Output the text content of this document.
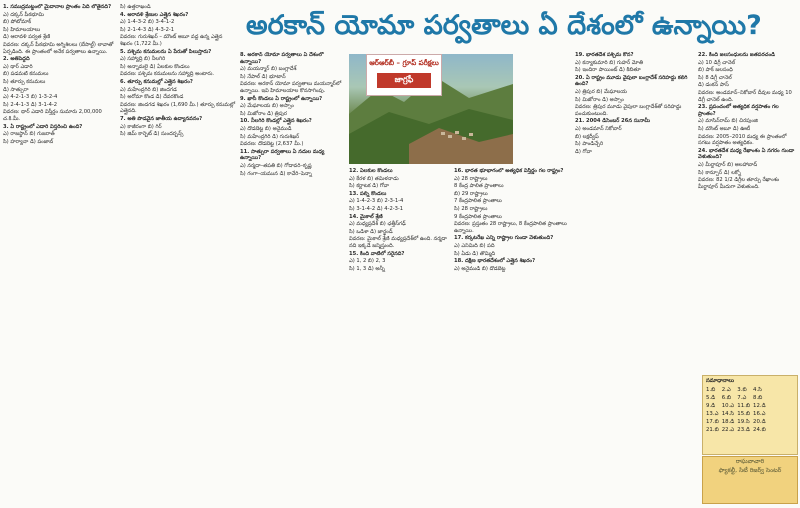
అరకాన్ యోమా పర్వతాలు ఏ దేశంలో ఉన్నాయి?

1. సముద్రమట్టంలో మైదానాల ప్రాంతం ఏది లోతైనది?

ఎ) దక్కన్ పీఠభూమి

బి) పోటోమాక్

సి) హిమాలయాలు

డి) ఆరావళి పర్వత శ్రేణి

వివరణ: దక్కన్ పీఠభూమి అగ్నిశిలలు (బేసాల్ట్) లావాతో ఏర్పడింది. ఈ ప్రాంతంలో అనేక పర్వతాలు ఉన్నాయి.

2. అతిపెద్దది

ఎ) థార్ ఎడారి

బి) పడమటి కనుమలు

సి) తూర్పు కనుమలు

డి) సాత్పురా

ఎ) 4-2-1-3 బి) 1-3-2-4

సి) 2-4-1-3 డి) 3-1-4-2

వివరణ: థార్ ఎడారి విస్తీర్ణం సుమారు 2,00,000 చ.కి.మీ.

3. ఏ రాష్ట్రంలో ఎడారి విస్తరించి ఉంది?

ఎ) రాజస్థాన్ బి) గుజరాత్

సి) హర్యానా డి) పంజాబ్

సి) ఉత్తరాఖండ్

4. అరావళి శ్రేణుల ఎత్తైన శిఖరం?

ఎ) 1-4-3-2 బి) 3-4-1-2

సి) 2-1-4-3 డి) 4-3-2-1

వివరణ: గురుశిఖర్ – మౌంట్ అబూ వద్ద ఉన్న ఎత్తైన శిఖరం (1,722 మీ.)

5. పశ్చిమ కనుమలను ఏ పేరుతో పిలుస్తారు?

ఎ) సహ్యాద్రి బి) నీలగిరి

సి) అన్నామలై డి) ఏలకుల కొండలు

వివరణ: పశ్చిమ కనుమలను సహ్యాద్రి అంటారు.

6. తూర్పు కనుమల్లో ఎత్తైన శిఖరం?

ఎ) మహేంద్రగిరి బి) జిందగడ

సి) అరోమా కొండ డి) దేవరకొండ

వివరణ: జిందగడ శిఖరం (1,690 మీ.) తూర్పు కనుమల్లో ఎత్తైనది.

7. అతి పొడవైన జాతీయ ఉద్యానవనం?

ఎ) కాజీరంగా బి) గిర్

సి) జిమ్ కార్బెట్ డి) సుందర్బన్స్

8. అరకాన్ యోమా పర్వతాలు ఏ దేశంలో ఉన్నాయి?

ఎ) మయన్మార్ బి) బంగ్లాదేశ్

సి) నేపాల్ డి) భూటాన్

వివరణ: అరకాన్ యోమా పర్వతాలు మయన్మార్‌లో ఉన్నాయి. ఇవి హిమాలయాల కొనసాగింపు.

9. ఖాసీ కొండలు ఏ రాష్ట్రంలో ఉన్నాయి?

ఎ) మేఘాలయ బి) అస్సాం

సి) మిజోరాం డి) త్రిపుర

10. నీలగిరి కొండల్లో ఎత్తైన శిఖరం?

ఎ) దొడబెట్ట బి) అనైముడి

సి) మహేంద్రగిరి డి) గురుశిఖర్

వివరణ: దొడబెట్ట (2,637 మీ.)

11. సాత్పురా పర్వతాలు ఏ నదుల మధ్య ఉన్నాయి?

ఎ) నర్మదా–తపతి బి) గోదావరి–కృష్ణ

సి) గంగా–యమున డి) కావేరి–పెన్నా	12. ఏలకుల కొండలు

ఎ) కేరళ బి) తమిళనాడు

సి) కర్ణాటక డి) గోవా

13. పల్ని కొండలు

ఎ) 1-4-2-3 బి) 2-3-1-4

సి) 3-1-4-2 డి) 4-2-3-1

14. మైకాల్ శ్రేణి

ఎ) మధ్యప్రదేశ్ బి) ఛత్తీస్‌గఢ్

సి) ఒడిశా డి) జార్ఖండ్

వివరణ: మైకాల్ శ్రేణి మధ్యప్రదేశ్‌లో ఉంది. నర్మదా నది ఇక్కడే జన్మిస్తుంది.

15. కింది వాటిలో సరైనది?

ఎ) 1, 2 బి) 2, 3

సి) 1, 3 డి) అన్నీ

16. భారత భూభాగంలో అత్యధిక విస్తీర్ణం గల రాష్ట్రం?

ఎ) 28 రాష్ట్రాలు

8 కేంద్ర పాలిత ప్రాంతాలు

బి) 29 రాష్ట్రాలు

7 కేంద్రపాలిత ప్రాంతాలు

సి) 28 రాష్ట్రాలు

9 కేంద్రపాలిత ప్రాంతాలు

వివరణ: ప్రస్తుతం 28 రాష్ట్రాలు, 8 కేంద్రపాలిత ప్రాంతాలు ఉన్నాయి.

17. కర్కటరేఖ ఎన్ని రాష్ట్రాల గుండా వెళుతుంది?

ఎ) ఎనిమిది బి) పది

సి) ఏడు డి) తొమ్మిది

18. దక్షిణ భారతదేశంలో ఎత్తైన శిఖరం?

ఎ) అనైముడి బి) దొడబెట్ట

19. భారతదేశ పశ్చిమ కొన?

ఎ) కన్యాకుమారి బి) గుహర్ మోతి

సి) ఇందిరా పాయింట్ డి) కిబితూ

20. ఏ రాష్ట్రం మూడు వైపులా బంగ్లాదేశ్ సరిహద్దు కలిగి ఉంది?

ఎ) త్రిపుర బి) మేఘాలయ

సి) మిజోరాం డి) అస్సాం

వివరణ: త్రిపుర మూడు వైపులా బంగ్లాదేశ్‌తో సరిహద్దు పంచుకుంటుంది.

21. 2004 డిసెంబర్ 26న సునామీ

ఎ) అండమాన్ నికోబార్

బి) లక్షద్వీప్

సి) పాండిచ్చేరి

డి) గోవా

22. కింది జలసంధులను జతపరచండి

ఎ) 10 డిగ్రీ చానెల్

బి) పాక్ జలసంధి

సి) 8 డిగ్రీ చానెల్

డి) డంకన్ పాస్

వివరణ: అండమాన్–నికోబార్ దీవుల మధ్య 10 డిగ్రీ చానెల్ ఉంది.

23. ప్రపంచంలో అత్యధిక వర్షపాతం గల ప్రాంతం?

ఎ) మాసిన్‌రామ్ బి) చిరపుంజి

సి) మౌంట్ అబూ డి) ఊటీ

వివరణ: 2005–2010 మధ్య ఈ ప్రాంతంలో సగటు వర్షపాతం అత్యధికం.

24. భారతదేశ మధ్య రేఖాంశం ఏ నగరం గుండా వెళుతుంది?

ఎ) మీర్జాపూర్ బి) అలహాబాద్

సి) కాన్పూర్ డి) లక్నో

వివరణ: 82 1/2 డిగ్రీల తూర్పు రేఖాంశం మీర్జాపూర్ మీదుగా వెళుతుంది.

ఆర్‌ఆర్‌బీ – గ్రూప్‌ పరీక్షలు
జాగ్రఫీ
సమాధానాలు
1.బి	2.ఎ	3.బి	4.సి
5.డి	6.బి	7.ఎ	8.బి
9.డి	10.ఎ	11.బి	12.డి
13.ఎ	14.సి	15.బి	16.ఎ
17.బి	18.డి	19.సి	20.డి
21.బి	22.ఎ	23.డి	24.బి
రాఘవాచారి
ఫ్యాకల్టీ, సిటీ రిజర్వ్ సెంటర్
